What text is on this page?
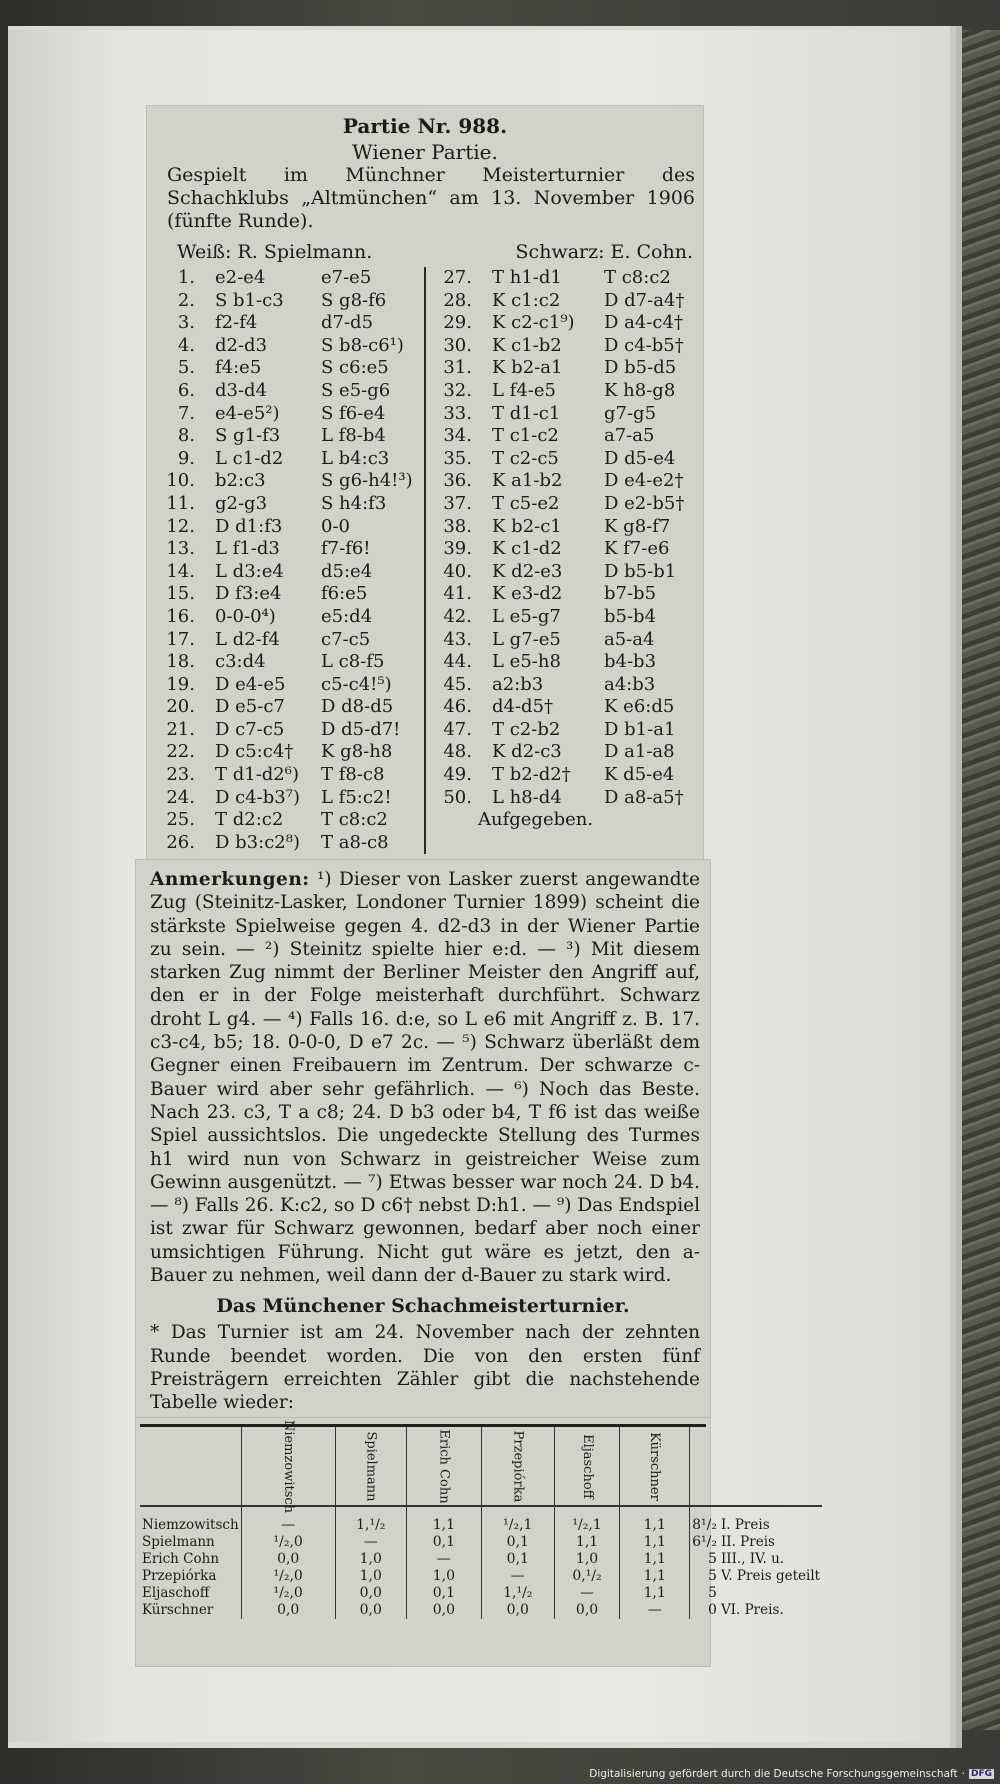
Partie Nr. 988.
Wiener Partie.
Gespielt im Münchner Meisterturnier des Schachklubs „Altmünchen“ am 13. November 1906 (fünfte Runde).
Weiß: R. Spielmann.	Schwarz: E. Cohn.
1.	e2-e4	e7-e5
2.	S b1-c3	S g8-f6
3.	f2-f4	d7-d5
4.	d2-d3	S b8-c6¹)
5.	f4:e5	S c6:e5
6.	d3-d4	S e5-g6
7.	e4-e5²)	S f6-e4
8.	S g1-f3	L f8-b4
9.	L c1-d2	L b4:c3
10.	b2:c3	S g6-h4!³)
11.	g2-g3	S h4:f3
12.	D d1:f3	0-0
13.	L f1-d3	f7-f6!
14.	L d3:e4	d5:e4
15.	D f3:e4	f6:e5
16.	0-0-0⁴)	e5:d4
17.	L d2-f4	c7-c5
18.	c3:d4	L c8-f5
19.	D e4-e5	c5-c4!⁵)
20.	D e5-c7	D d8-d5
21.	D c7-c5	D d5-d7!
22.	D c5:c4†	K g8-h8
23.	T d1-d2⁶)	T f8-c8
24.	D c4-b3⁷)	L f5:c2!
25.	T d2:c2	T c8:c2
26.	D b3:c2⁸)	T a8-c8
27.	T h1-d1	T c8:c2
28.	K c1:c2	D d7-a4†
29.	K c2-c1⁹)	D a4-c4†
30.	K c1-b2	D c4-b5†
31.	K b2-a1	D b5-d5
32.	L f4-e5	K h8-g8
33.	T d1-c1	g7-g5
34.	T c1-c2	a7-a5
35.	T c2-c5	D d5-e4
36.	K a1-b2	D e4-e2†
37.	T c5-e2	D e2-b5†
38.	K b2-c1	K g8-f7
39.	K c1-d2	K f7-e6
40.	K d2-e3	D b5-b1
41.	K e3-d2	b7-b5
42.	L e5-g7	b5-b4
43.	L g7-e5	a5-a4
44.	L e5-h8	b4-b3
45.	a2:b3	a4:b3
46.	d4-d5†	K e6:d5
47.	T c2-b2	D b1-a1
48.	K d2-c3	D a1-a8
49.	T b2-d2†	K d5-e4
50.	L h8-d4	D a8-a5†
Aufgegeben.
Anmerkungen: ¹) Dieser von Lasker zuerst angewandte Zug (Steinitz-Lasker, Londoner Turnier 1899) scheint die stärkste Spielweise gegen 4. d2-d3 in der Wiener Partie zu sein. — ²) Steinitz spielte hier e:d. — ³) Mit diesem starken Zug nimmt der Berliner Meister den Angriff auf, den er in der Folge meisterhaft durchführt. Schwarz droht L g4. — ⁴) Falls 16. d:e, so L e6 mit Angriff z. B. 17. c3-c4, b5; 18. 0-0-0, D e7 2c. — ⁵) Schwarz überläßt dem Gegner einen Freibauern im Zentrum. Der schwarze c-Bauer wird aber sehr gefährlich. — ⁶) Noch das Beste. Nach 23. c3, T a c8; 24. D b3 oder b4, T f6 ist das weiße Spiel aussichtslos. Die ungedeckte Stellung des Turmes h1 wird nun von Schwarz in geistreicher Weise zum Gewinn ausgenützt. — ⁷) Etwas besser war noch 24. D b4. — ⁸) Falls 26. K:c2, so D c6† nebst D:h1. — ⁹) Das Endspiel ist zwar für Schwarz gewonnen, bedarf aber noch einer umsichtigen Führung. Nicht gut wäre es jetzt, den a-Bauer zu nehmen, weil dann der d-Bauer zu stark wird.
Das Münchener Schachmeisterturnier.
* Das Turnier ist am 24. November nach der zehnten Runde beendet worden. Die von den ersten fünf Preisträgern erreichten Zähler gibt die nachstehende Tabelle wieder:
	Niemzowitsch	Spielmann	Erich Cohn	Przepiórka	Eljaschoff	Kürschner		
Niemzowitsch	—	1,¹/₂	1,1	¹/₂,1	¹/₂,1	1,1	8¹/₂	I. Preis
Spielmann	¹/₂,0	—	0,1	0,1	1,1	1,1	6¹/₂	II. Preis
Erich Cohn	0,0	1,0	—	0,1	1,0	1,1	5	III., IV. u.
Przepiórka	¹/₂,0	1,0	1,0	—	0,¹/₂	1,1	5	V. Preis geteilt
Eljaschoff	¹/₂,0	0,0	0,1	1,¹/₂	—	1,1	5	
Kürschner	0,0	0,0	0,0	0,0	0,0	—	0	VI. Preis.
Digitalisierung gefördert durch die Deutsche Forschungsgemeinschaft · DFG
